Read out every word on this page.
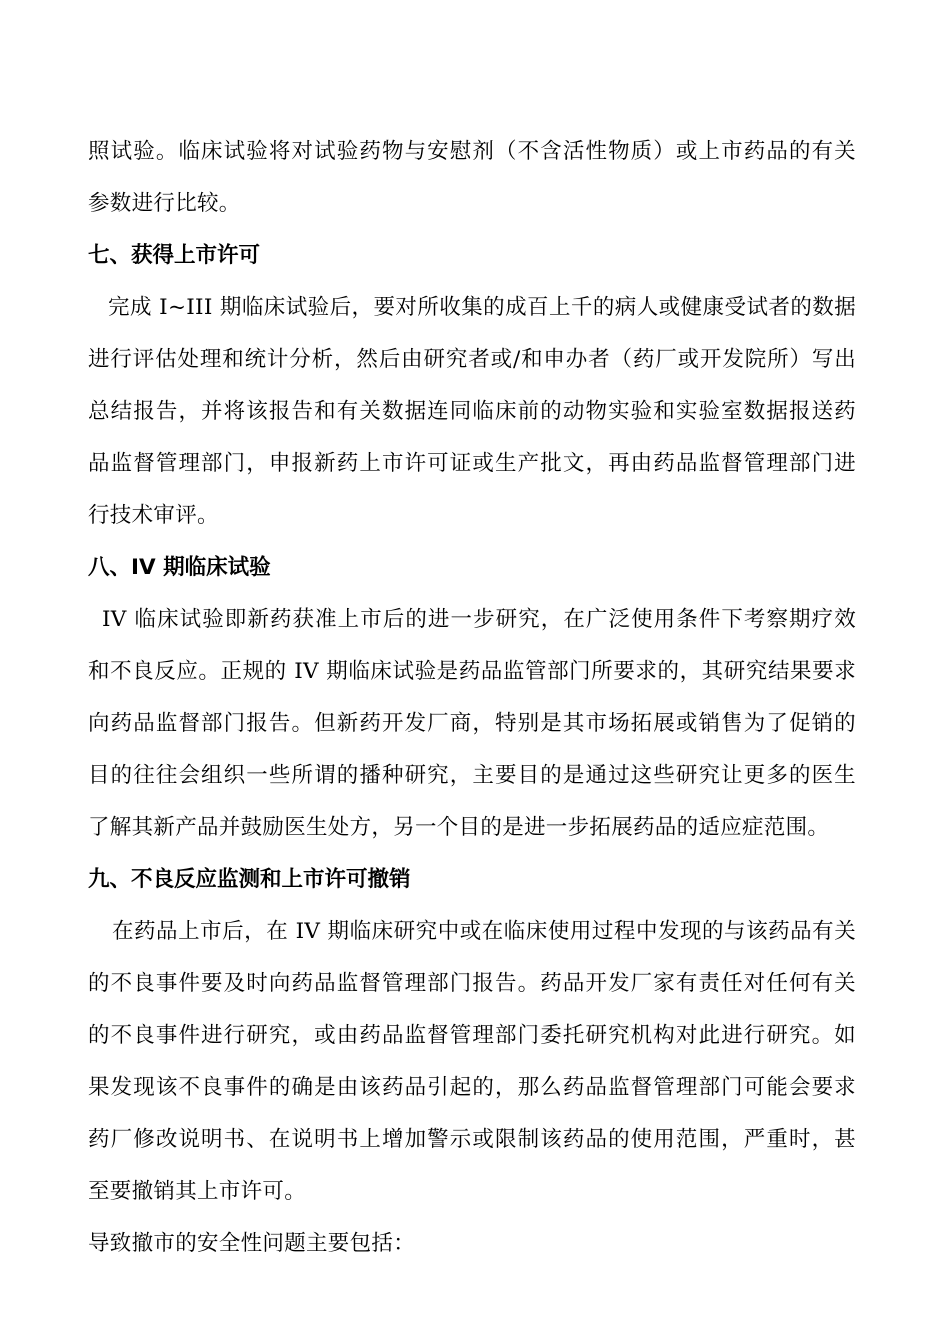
照试验。临床试验将对试验药物与安慰剂（不含活性物质）或上市药品的有关
参数进行比较。
七、获得上市许可
完成 I~III 期临床试验后，要对所收集的成百上千的病人或健康受试者的数据
进行评估处理和统计分析，然后由研究者或/和申办者（药厂或开发院所）写出
总结报告，并将该报告和有关数据连同临床前的动物实验和实验室数据报送药
品监督管理部门，申报新药上市许可证或生产批文，再由药品监督管理部门进
行技术审评。
八、IV 期临床试验
IV 临床试验即新药获准上市后的进一步研究，在广泛使用条件下考察期疗效
和不良反应。正规的 IV 期临床试验是药品监管部门所要求的，其研究结果要求
向药品监督部门报告。但新药开发厂商，特别是其市场拓展或销售为了促销的
目的往往会组织一些所谓的播种研究，主要目的是通过这些研究让更多的医生
了解其新产品并鼓励医生处方，另一个目的是进一步拓展药品的适应症范围。
九、不良反应监测和上市许可撤销
在药品上市后，在 IV 期临床研究中或在临床使用过程中发现的与该药品有关
的不良事件要及时向药品监督管理部门报告。药品开发厂家有责任对任何有关
的不良事件进行研究，或由药品监督管理部门委托研究机构对此进行研究。如
果发现该不良事件的确是由该药品引起的，那么药品监督管理部门可能会要求
药厂修改说明书、在说明书上增加警示或限制该药品的使用范围，严重时，甚
至要撤销其上市许可。
导致撤市的安全性问题主要包括：
